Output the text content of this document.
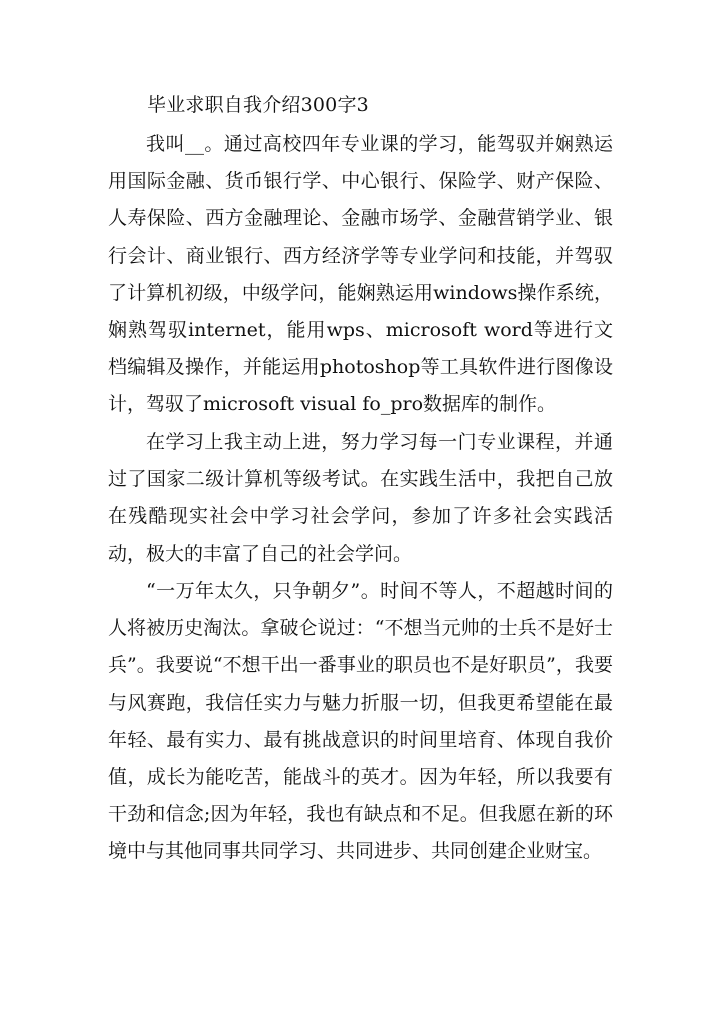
毕业求职自我介绍300字3

我叫__。通过高校四年专业课的学习，能驾驭并娴熟运用国际金融、货币银行学、中心银行、保险学、财产保险、人寿保险、西方金融理论、金融市场学、金融营销学业、银行会计、商业银行、西方经济学等专业学问和技能，并驾驭了计算机初级，中级学问，能娴熟运用windows操作系统，娴熟驾驭internet，能用wps、microsoft word等进行文档编辑及操作，并能运用photoshop等工具软件进行图像设计，驾驭了microsoft visual fo_pro数据库的制作。

在学习上我主动上进，努力学习每一门专业课程，并通过了国家二级计算机等级考试。在实践生活中，我把自己放在残酷现实社会中学习社会学问，参加了许多社会实践活动，极大的丰富了自己的社会学问。

“一万年太久，只争朝夕”。时间不等人，不超越时间的人将被历史淘汰。拿破仑说过：“不想当元帅的士兵不是好士兵”。我要说“不想干出一番事业的职员也不是好职员”，我要与风赛跑，我信任实力与魅力折服一切，但我更希望能在最年轻、最有实力、最有挑战意识的时间里培育、体现自我价值，成长为能吃苦，能战斗的英才。因为年轻，所以我要有干劲和信念;因为年轻，我也有缺点和不足。但我愿在新的环境中与其他同事共同学习、共同进步、共同创建企业财宝。
